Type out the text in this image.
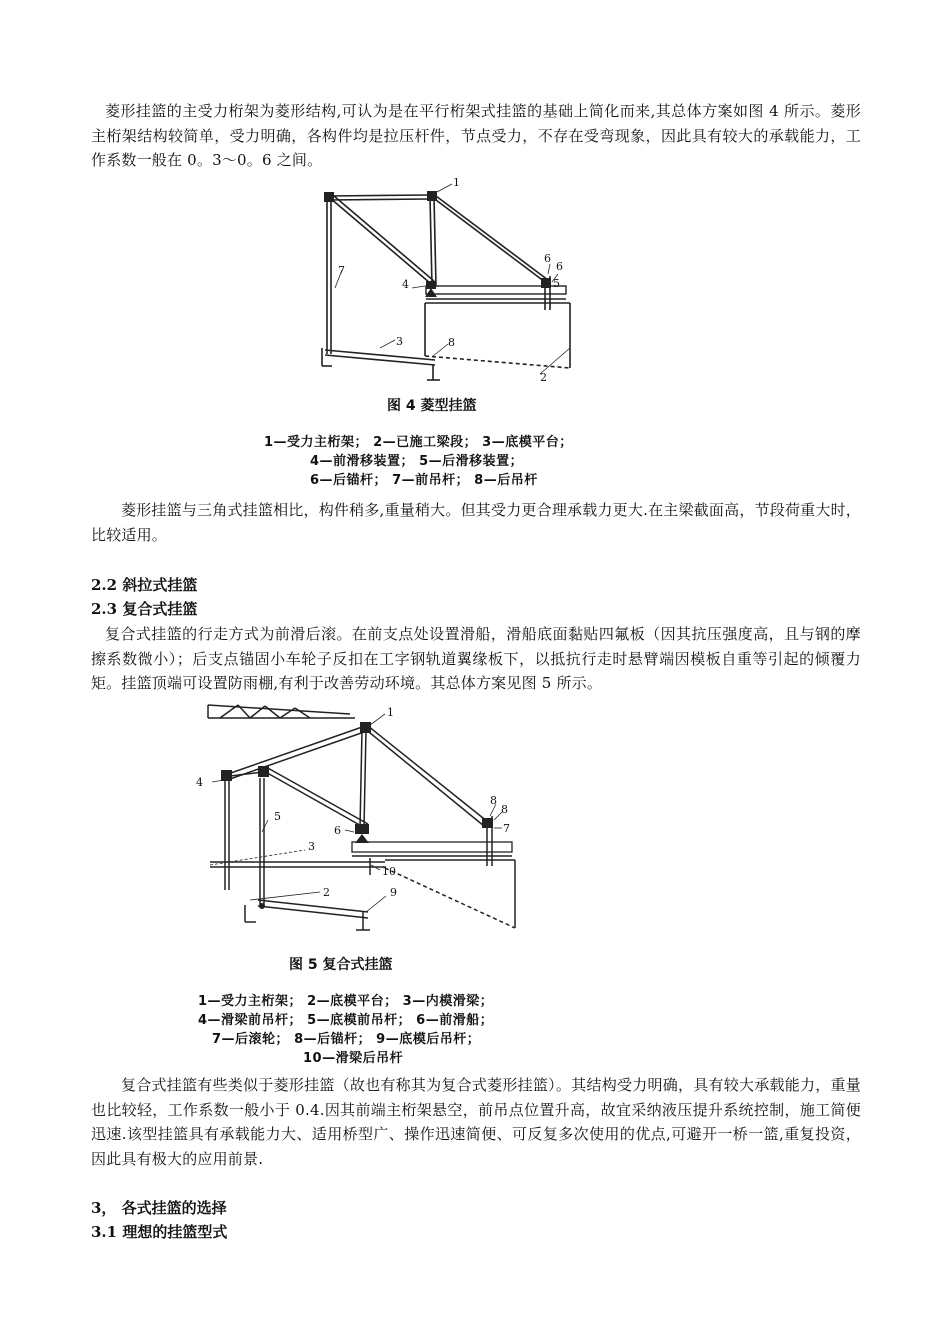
菱形挂篮的主受力桁架为菱形结构,可认为是在平行桁架式挂篮的基础上简化而来,其总体方案如图 4 所示。菱形主桁架结构较简单，受力明确，各构件均是拉压杆件，节点受力，不存在受弯现象，因此具有较大的承载能力，工作系数一般在 0。3～0。6 之间。

1
2
3
4	5
6
6
7
8
图 4 菱型挂篮
1—受力主桁架； 2—已施工梁段； 3—底模平台；
4—前滑移装置； 5—后滑移装置；
6—后锚杆； 7—前吊杆； 8—后吊杆

菱形挂篮与三角式挂篮相比，构件稍多,重量稍大。但其受力更合理承载力更大.在主梁截面高，节段荷重大时，比较适用。

2.2 斜拉式挂篮
2.3 复合式挂篮

复合式挂篮的行走方式为前滑后滚。在前支点处设置滑船，滑船底面黏贴四氟板（因其抗压强度高，且与钢的摩擦系数微小）；后支点锚固小车轮子反扣在工字钢轨道翼缘板下，以抵抗行走时悬臂端因模板自重等引起的倾覆力矩。挂篮顶端可设置防雨棚,有利于改善劳动环境。其总体方案见图 5 所示。

1
2
3
4
5
6	7
8
8
9
10
图 5 复合式挂篮
1—受力主桁架； 2—底模平台； 3—内模滑梁；
4—滑梁前吊杆； 5—底模前吊杆； 6—前滑船；
7—后滚轮； 8—后锚杆； 9—底模后吊杆；
10—滑梁后吊杆

复合式挂篮有些类似于菱形挂篮（故也有称其为复合式菱形挂篮）。其结构受力明确，具有较大承载能力，重量也比较轻，工作系数一般小于 0.4.因其前端主桁架悬空，前吊点位置升高，故宜采纳液压提升系统控制，施工简便迅速.该型挂篮具有承载能力大、适用桥型广、操作迅速简便、可反复多次使用的优点,可避开一桥一篮,重复投资，因此具有极大的应用前景.

3， 各式挂篮的选择
3.1 理想的挂篮型式
